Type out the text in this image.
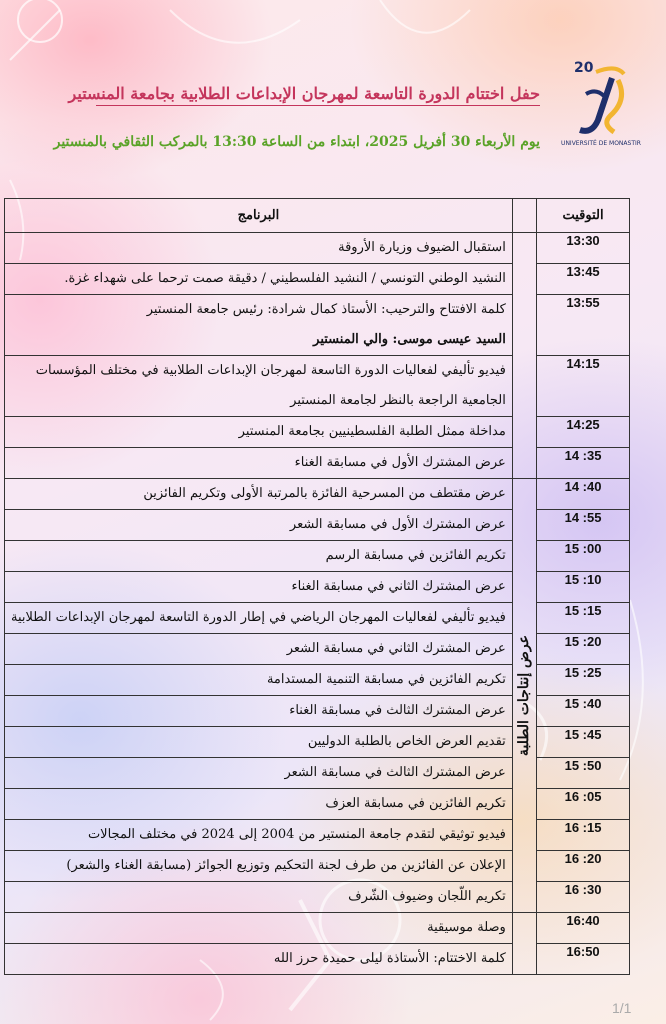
20
UNIVERSITÉ DE MONASTIR
حفل اختتام الدورة التاسعة لمهرجان الإبداعات الطلابية بجامعة المنستير
يوم الأربعاء 30 أفريل 2025، ابتداء من الساعة 13:30 بالمركب الثقافي بالمنستير
التوقيت		البرنامج
13:30		استقبال الضيوف وزيارة الأروقة

13:45		النشيد الوطني التونسي / النشيد الفلسطيني / دقيقة صمت ترحما على شهداء غزة.

13:55		كلمة الافتتاح والترحيب: الأستاذ كمال شرادة: رئيس جامعة المنستير
السيد عيسى موسى: والي المنستير

14:15		فيديو تأليفي لفعاليات الدورة التاسعة لمهرجان الإبداعات الطلابية في مختلف المؤسسات
الجامعية الراجعة بالنظر لجامعة المنستير

14:25		مداخلة ممثل الطلبة الفلسطينيين بجامعة المنستير

14 :35		عرض المشترك الأول في مسابقة الغناء

14 :40	عرض إنتاجات الطلبة	عرض مقتطف من المسرحية الفائزة بالمرتبة الأولى وتكريم الفائزين

14 :55		عرض المشترك الأول في مسابقة الشعر

15 :00		تكريم الفائزين في مسابقة الرسم

15 :10		عرض المشترك الثاني في مسابقة الغناء

15 :15		فيديو تأليفي لفعاليات المهرجان الرياضي في إطار الدورة التاسعة لمهرجان الإبداعات الطلابية

15 :20		عرض المشترك الثاني في مسابقة الشعر

15 :25		تكريم الفائزين في مسابقة التنمية المستدامة

15 :40		عرض المشترك الثالث في مسابقة الغناء

15 :45		تقديم العرض الخاص بالطلبة الدوليين

15 :50		عرض المشترك الثالث في مسابقة الشعر

16 :05		تكريم الفائزين في مسابقة العزف

16 :15		فيديو توثيقي لتقدم جامعة المنستير من 2004 إلى 2024 في مختلف المجالات

16 :20		الإعلان عن الفائزين من طرف لجنة التحكيم وتوزيع الجوائز (مسابقة الغناء والشعر)

16 :30		تكريم اللّجان وضيوف الشّرف

16:40		وصلة موسيقية

16:50		كلمة الاختتام: الأستاذة ليلى حميدة حرز الله
1/1
